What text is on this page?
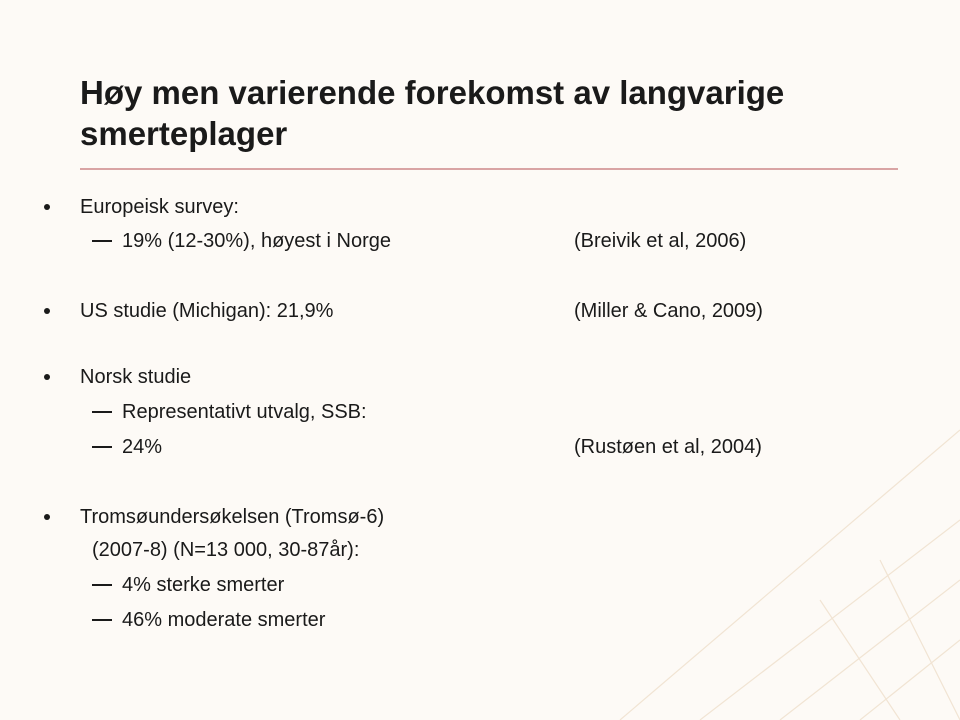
Høy men varierende forekomst av langvarige
smerteplager
Europeisk survey:
19% (12-30%), høyest i Norge	(Breivik et al, 2006)
US studie (Michigan): 21,9%	(Miller & Cano, 2009)
Norsk studie
Representativt utvalg, SSB:
24%	(Rustøen et al, 2004)
Tromsøundersøkelsen (Tromsø-6)
(2007-8) (N=13 000, 30-87år):
4% sterke smerter
46% moderate smerter
